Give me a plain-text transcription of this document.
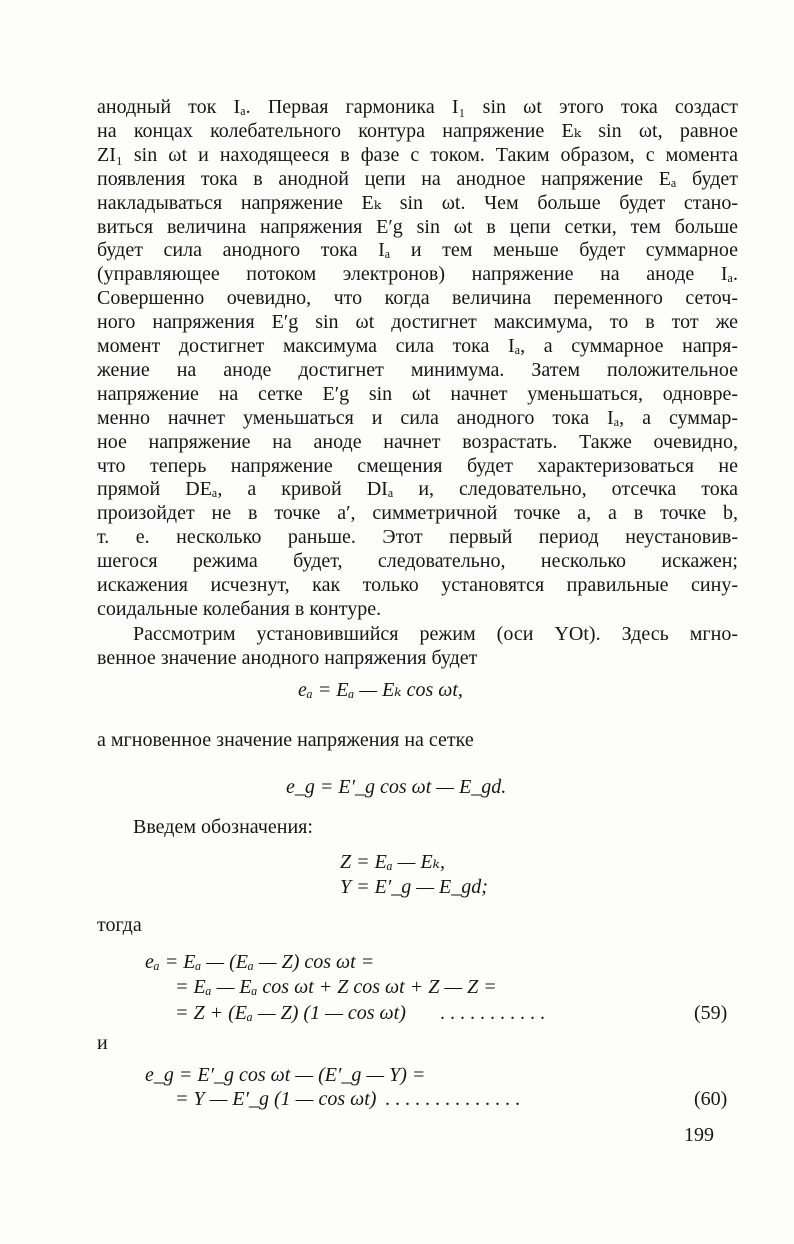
анодный ток Iₐ. Первая гармоника I₁ sin ωt этого тока создаст
на концах колебательного контура напряжение Eₖ sin ωt, равное
ZI₁ sin ωt и находящееся в фазе с током. Таким образом, с момента
появления тока в анодной цепи на анодное напряжение Eₐ будет
накладываться напряжение Eₖ sin ωt. Чем больше будет стано-
виться величина напряжения E′g sin ωt в цепи сетки, тем больше
будет сила анодного тока Iₐ и тем меньше будет суммарное
(управляющее потоком электронов) напряжение на аноде Iₐ.
Совершенно очевидно, что когда величина переменного сеточ-
ного напряжения E′g sin ωt достигнет максимума, то в тот же
момент достигнет максимума сила тока Iₐ, а суммарное напря-
жение на аноде достигнет минимума. Затем положительное
напряжение на сетке E′g sin ωt начнет уменьшаться, одновре-
менно начнет уменьшаться и сила анодного тока Iₐ, а суммар-
ное напряжение на аноде начнет возрастать. Также очевидно,
что теперь напряжение смещения будет характеризоваться не
прямой DEₐ, а кривой DIₐ и, следовательно, отсечка тока
произойдет не в точке a′, симметричной точке a, а в точке b,
т. е. несколько раньше. Этот первый период неустановив-
шегося режима будет, следовательно, несколько искажен;
искажения исчезнут, как только установятся правильные сину-
соидальные колебания в контуре.
Рассмотрим установившийся режим (оси YOt). Здесь мгно-
венное значение анодного напряжения будет
eₐ = Eₐ — Eₖ cos ωt,
а мгновенное значение напряжения на сетке
e_g = E′_g cos ωt — E_gd.
Введем обозначения:
Z = Eₐ — Eₖ,
Y = E′_g — E_gd;
тогда
eₐ = Eₐ — (Eₐ — Z) cos ωt =
= Eₐ — Eₐ cos ωt + Z cos ωt + Z — Z =
= Z + (Eₐ — Z) (1 — cos ωt) . . . . . . . . . . .	(59)
и
e_g = E′_g cos ωt — (E′_g — Y) =
= Y — E′_g (1 — cos ωt) . . . . . . . . . . . . . .	(60)
199
